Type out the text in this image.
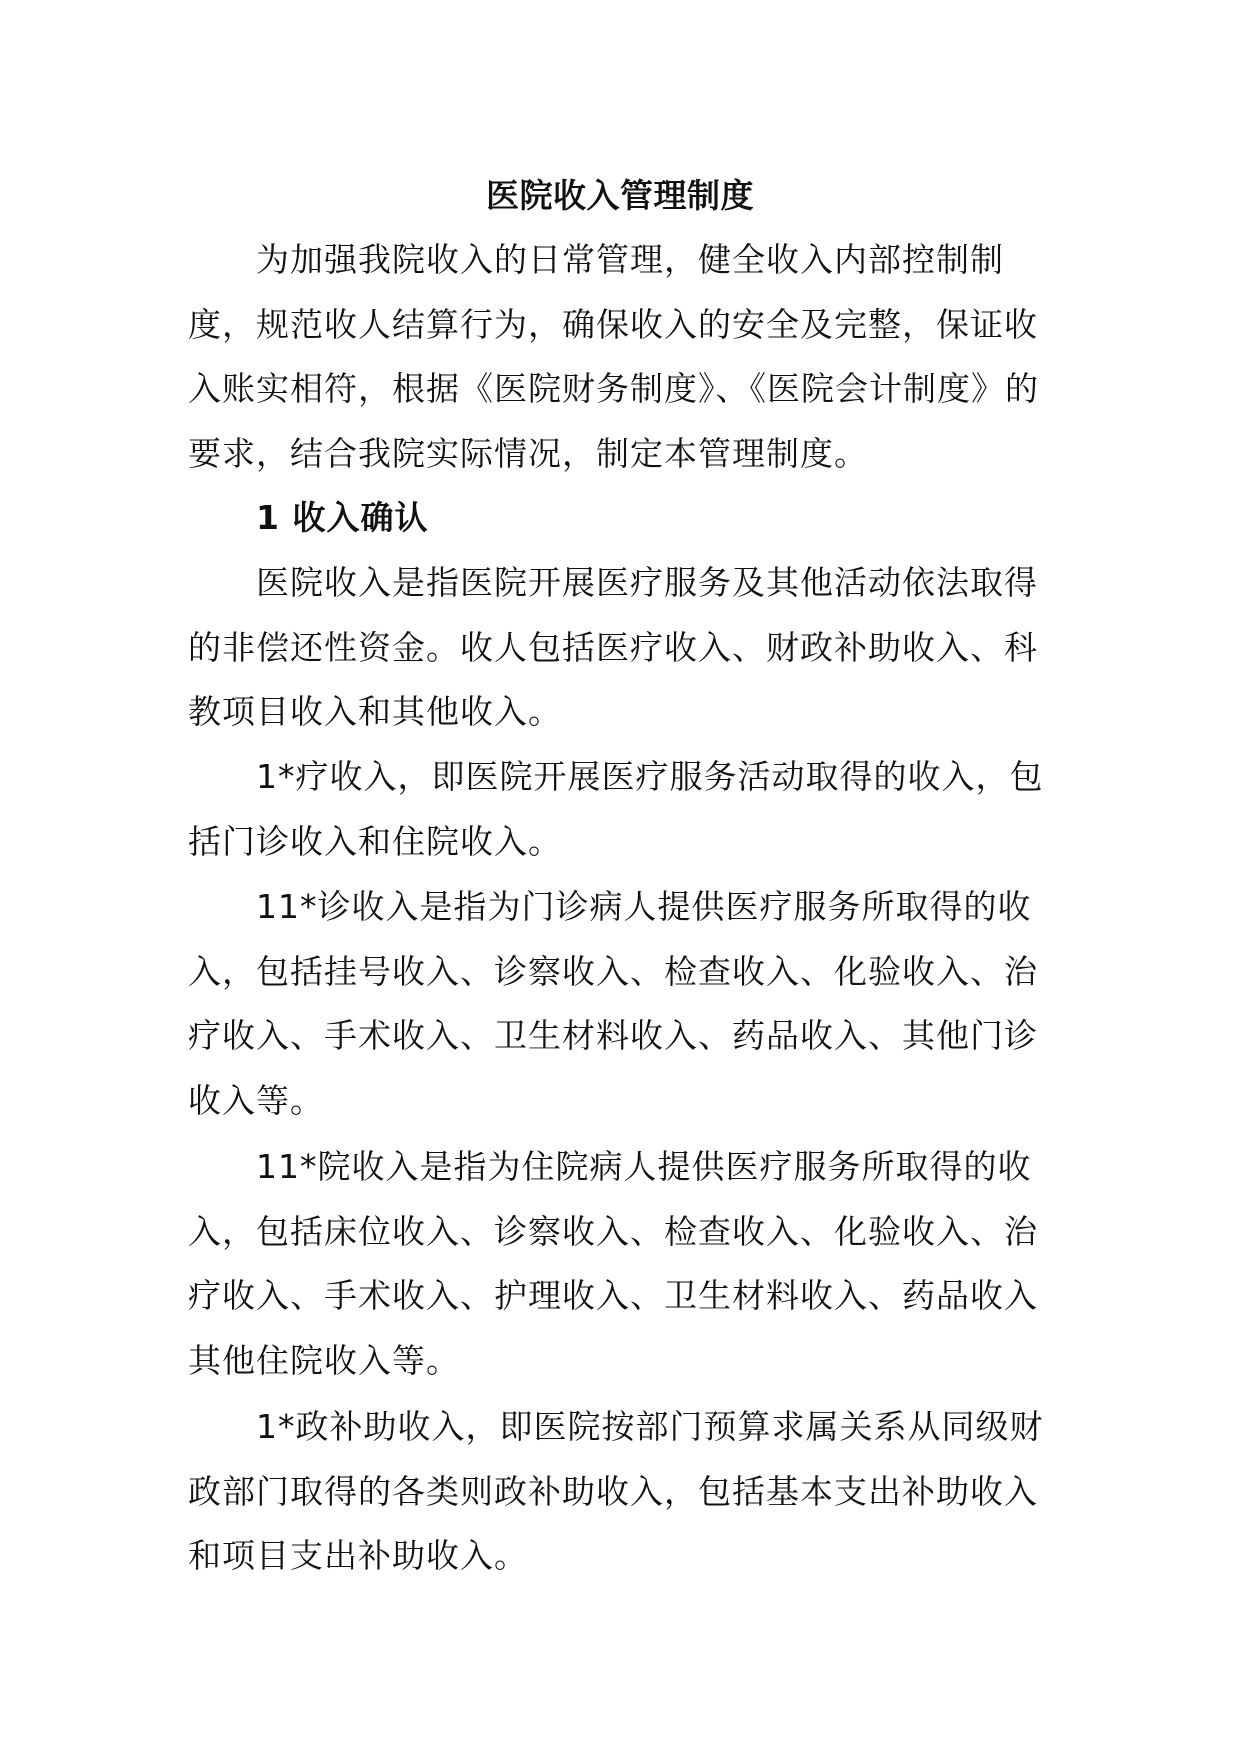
医院收入管理制度

为加强我院收入的日常管理，健全收入内部控制制度，规范收人结算行为，确保收入的安全及完整，保证收入账实相符，根据《医院财务制度》、《医院会计制度》的要求，结合我院实际情况，制定本管理制度。

1 收入确认

医院收入是指医院开展医疗服务及其他活动依法取得的非偿还性资金。收人包括医疗收入、财政补助收入、科教项目收入和其他收入。

1*疗收入，即医院开展医疗服务活动取得的收入，包括门诊收入和住院收入。

11*诊收入是指为门诊病人提供医疗服务所取得的收入，包括挂号收入、诊察收入、检查收入、化验收入、治疗收入、手术收入、卫生材料收入、药品收入、其他门诊收入等。

11*院收入是指为住院病人提供医疗服务所取得的收入，包括床位收入、诊察收入、检查收入、化验收入、治疗收入、手术收入、护理收入、卫生材料收入、药品收入其他住院收入等。

1*政补助收入，即医院按部门预算求属关系从同级财政部门取得的各类则政补助收入，包括基本支出补助收入和项目支出补助收入。
